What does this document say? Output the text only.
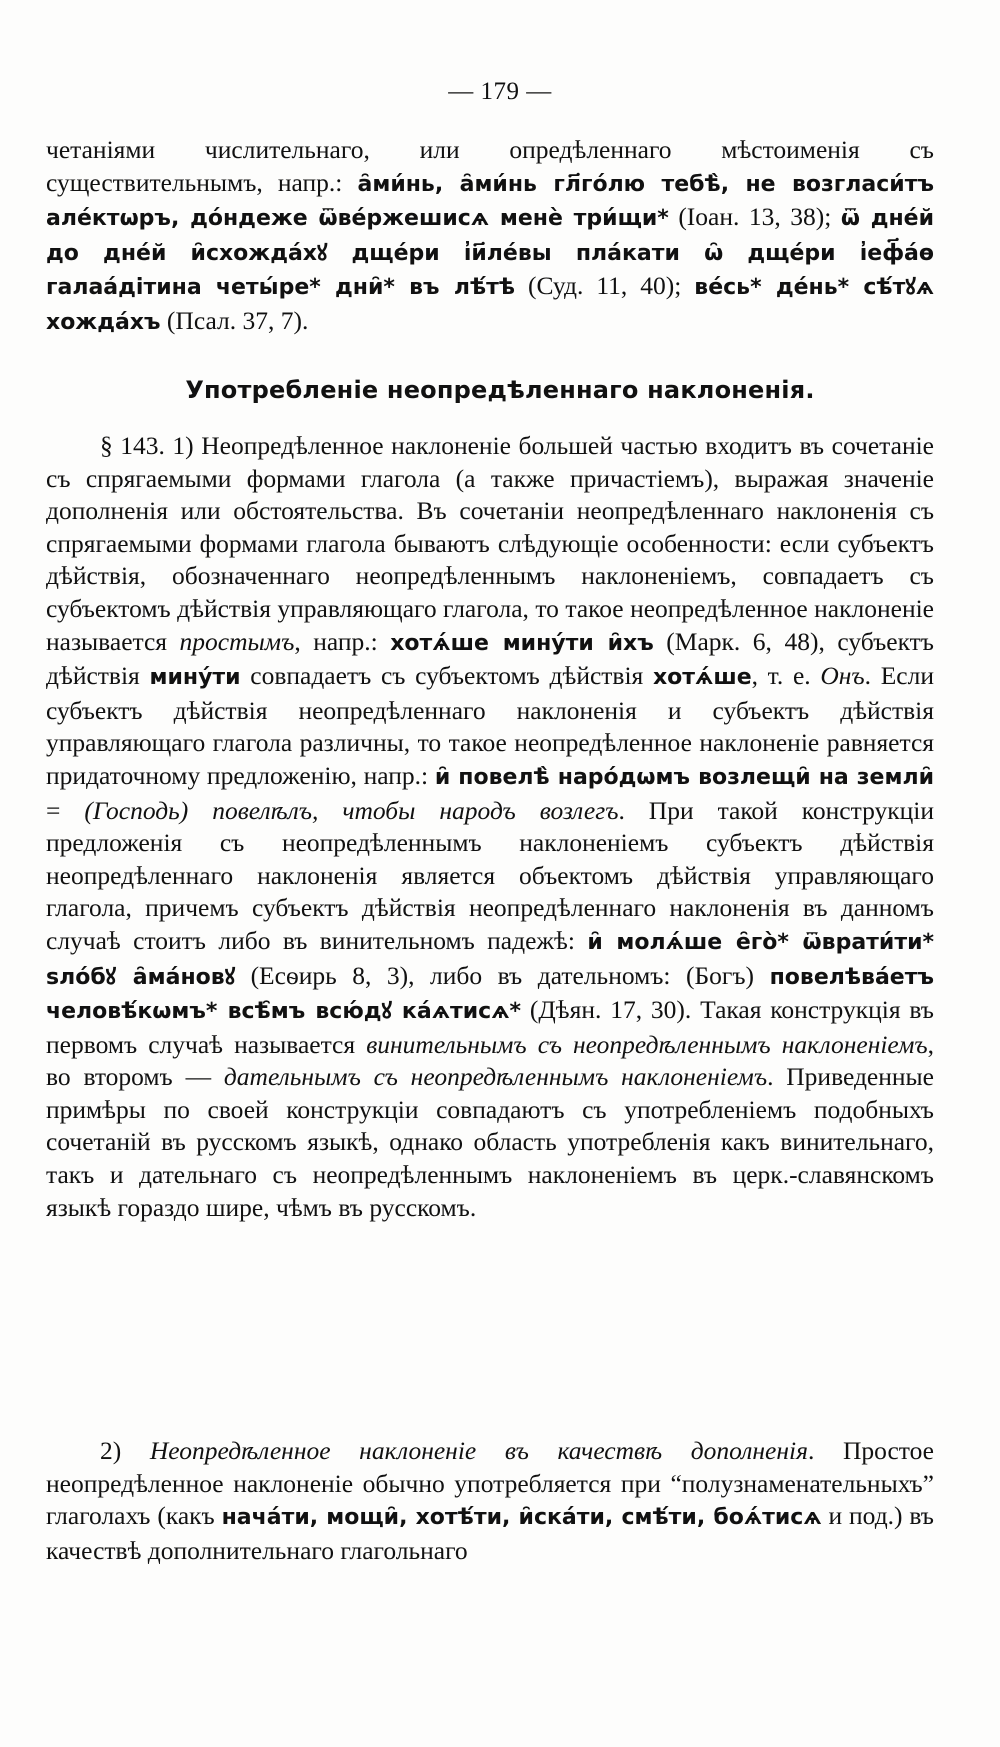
— 179 —
четаніями числительнаго, или опредѣленнаго мѣстоименія съ существительнымъ, напр.: а̑ми́нь, а̑ми́нь гл҃го́лю тебѣ̀, не возгласи́тъ але́ктѡръ, до́ндеже ѿве́ржешисѧ менѐ три́щи* (Іоан. 13, 38); ѿ дне́й до дне́й и̑схожда́хꙋ дще́ри і̓и҃ле́вы пла́кати ѡ̑ дще́ри і̓еф҃а́ѳ галаа́дітина четы́ре* дни̑* въ лѣ́тѣ (Суд. 11, 40); ве́сь* де́нь* сѣ́тꙋѧ хожда́хъ (Псал. 37, 7).
Употребленіе неопредѣленнаго наклоненія.
§ 143. 1) Неопредѣленное наклоненіе большей частью входитъ въ сочетаніе съ спрягаемыми формами глагола (а также причастіемъ), выражая значеніе дополненія или обстоятельства. Въ сочетаніи неопредѣленнаго наклоненія съ спрягаемыми формами глагола бываютъ слѣдующіе особенности: если субъектъ дѣйствія, обозначеннаго неопредѣленнымъ наклоненіемъ, совпадаетъ съ субъектомъ дѣйствія управляющаго глагола, то такое неопредѣленное наклоненіе называется простымъ, напр.: хотѧ́ше мину́ти и̑хъ (Марк. 6, 48), субъектъ дѣйствія мину́ти совпадаетъ съ субъектомъ дѣйствія хотѧ́ше, т. е. Онъ. Если субъектъ дѣйствія неопредѣленнаго наклоненія и субъектъ дѣйствія управляющаго глагола различны, то такое неопредѣленное наклоненіе равняется придаточному предложенію, напр.: и̑ повелѣ̀ наро́дѡмъ возлещи̑ на земли̑ = (Господь) повелѣлъ, чтобы народъ возлегъ. При такой конструкціи предложенія съ неопредѣленнымъ наклоненіемъ субъектъ дѣйствія неопредѣленнаго наклоненія является объектомъ дѣйствія управляющаго глагола, причемъ субъектъ дѣйствія неопредѣленнаго наклоненія въ данномъ случаѣ стоитъ либо въ винительномъ падежѣ: и̑ молѧ́ше е̑го̀* ѿврати́ти* ѕло́бꙋ а̑ма́новꙋ (Есѳирь 8, 3), либо въ дательномъ: (Богъ) повелѣва́етъ человѣ́кѡмъ* всѣ̑мъ всю́дꙋ ка́ѧтисѧ* (Дѣян. 17, 30). Такая конструкція въ первомъ случаѣ называется винительнымъ съ неопредѣленнымъ наклоненіемъ, во второмъ — дательнымъ съ неопредѣленнымъ наклоненіемъ. Приведенные примѣры по своей конструкціи совпадаютъ съ употребленіемъ подобныхъ сочетаній въ русскомъ языкѣ, однако область употребленія какъ винительнаго, такъ и дательнаго съ неопредѣленнымъ наклоненіемъ въ церк.-славянскомъ языкѣ гораздо шире, чѣмъ въ русскомъ.
2) Неопредѣленное наклоненіе въ качествѣ дополненія. Простое неопредѣленное наклоненіе обычно употребляется при “полузнаменательныхъ” глаголахъ (какъ нача́ти, мощи̑, хотѣ́ти, и̑ска́ти, смѣ́ти, боѧ́тисѧ и под.) въ качествѣ дополнительнаго глагольнаго
